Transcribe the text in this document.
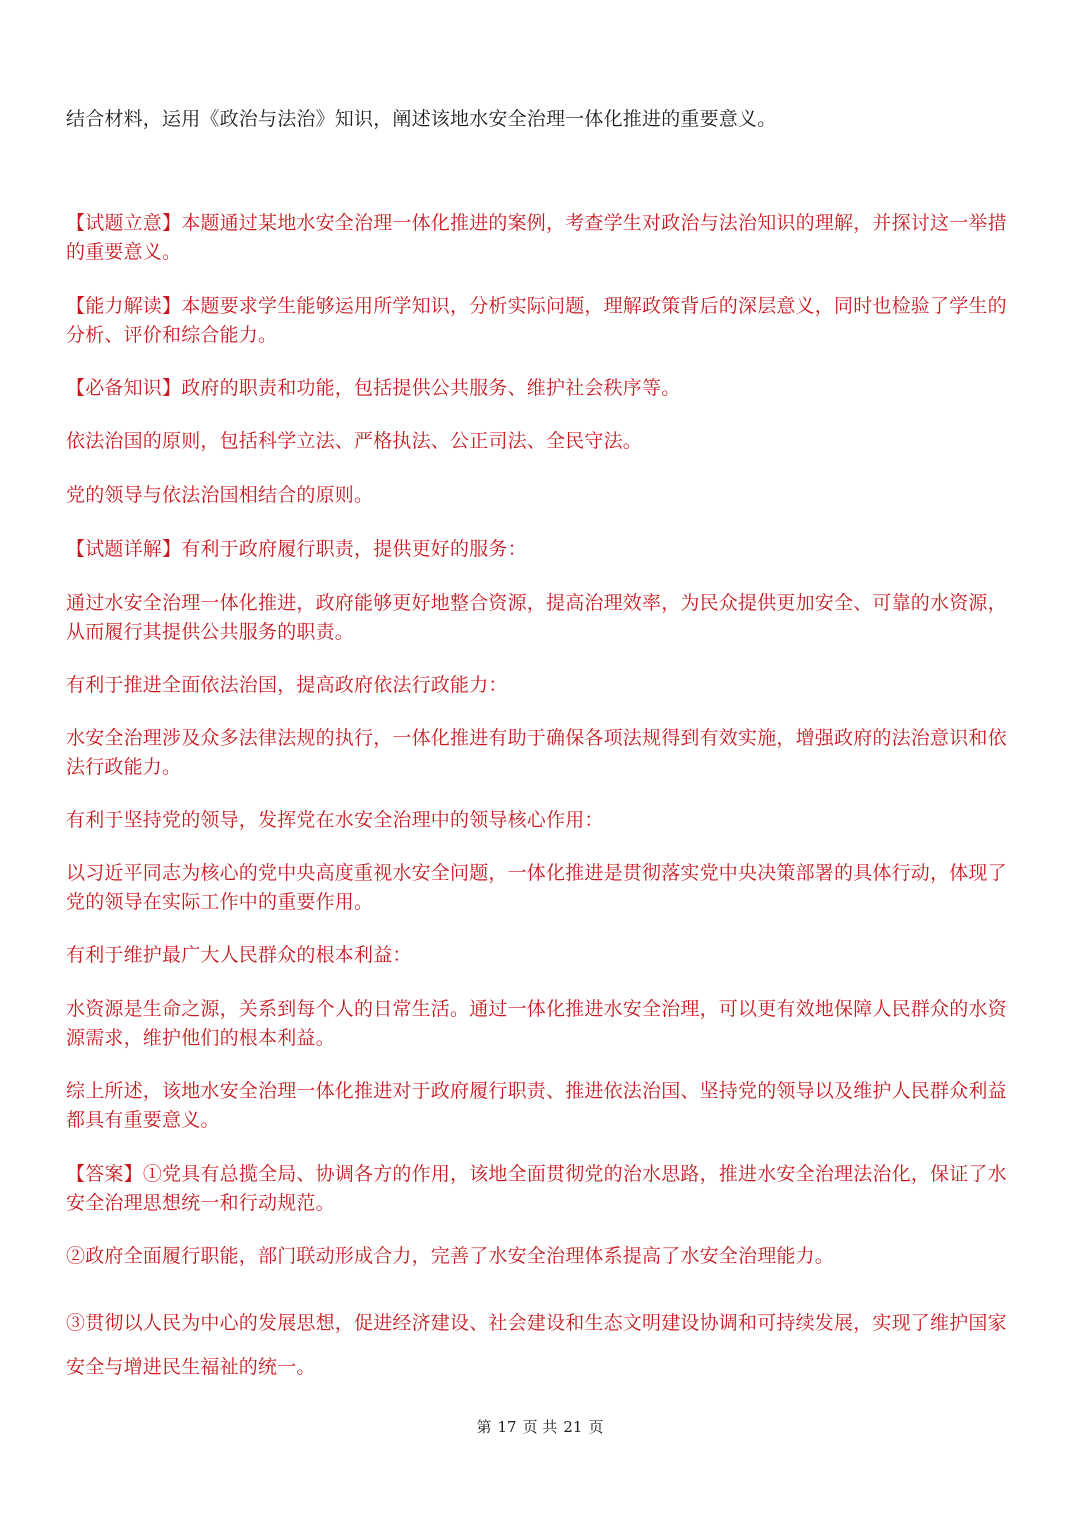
结合材料，运用《政治与法治》知识，阐述该地水安全治理一体化推进的重要意义。

【试题立意】本题通过某地水安全治理一体化推进的案例，考查学生对政治与法治知识的理解，并探讨这一举措的重要意义。

【能力解读】本题要求学生能够运用所学知识，分析实际问题，理解政策背后的深层意义，同时也检验了学生的分析、评价和综合能力。

【必备知识】政府的职责和功能，包括提供公共服务、维护社会秩序等。

依法治国的原则，包括科学立法、严格执法、公正司法、全民守法。

党的领导与依法治国相结合的原则。

【试题详解】有利于政府履行职责，提供更好的服务：

通过水安全治理一体化推进，政府能够更好地整合资源，提高治理效率，为民众提供更加安全、可靠的水资源，从而履行其提供公共服务的职责。

有利于推进全面依法治国，提高政府依法行政能力：

水安全治理涉及众多法律法规的执行，一体化推进有助于确保各项法规得到有效实施，增强政府的法治意识和依法行政能力。

有利于坚持党的领导，发挥党在水安全治理中的领导核心作用：

以习近平同志为核心的党中央高度重视水安全问题，一体化推进是贯彻落实党中央决策部署的具体行动，体现了党的领导在实际工作中的重要作用。

有利于维护最广大人民群众的根本利益：

水资源是生命之源，关系到每个人的日常生活。通过一体化推进水安全治理，可以更有效地保障人民群众的水资源需求，维护他们的根本利益。

综上所述，该地水安全治理一体化推进对于政府履行职责、推进依法治国、坚持党的领导以及维护人民群众利益都具有重要意义。

【答案】①党具有总揽全局、协调各方的作用，该地全面贯彻党的治水思路，推进水安全治理法治化，保证了水安全治理思想统一和行动规范。

②政府全面履行职能，部门联动形成合力，完善了水安全治理体系提高了水安全治理能力。

③贯彻以人民为中心的发展思想，促进经济建设、社会建设和生态文明建设协调和可持续发展，实现了维护国家安全与增进民生福祉的统一。

第 17 页 共 21 页
